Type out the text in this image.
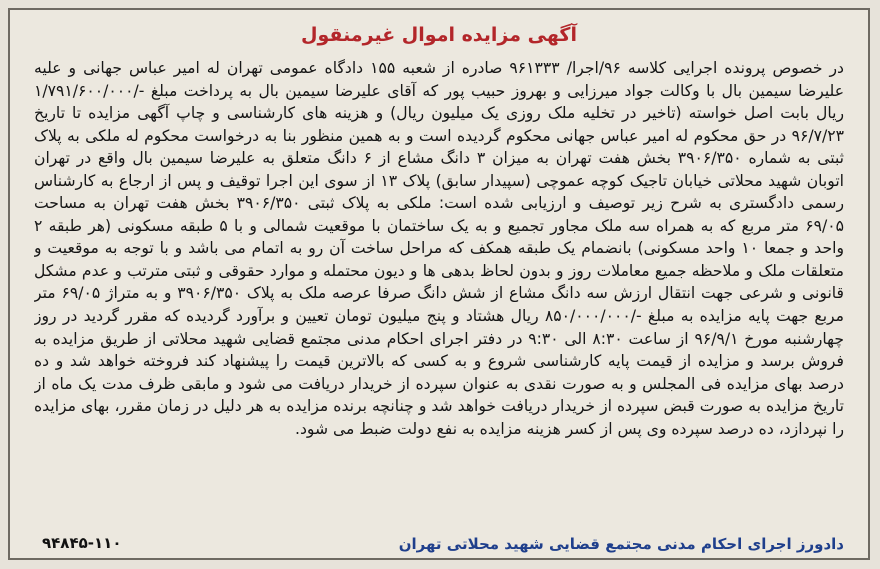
آگهی مزایده اموال غیرمنقول
در خصوص پرونده اجرایی کلاسه ۹۶/اجرا/ ۹۶۱۳۳۳ صادره از شعبه ۱۵۵ دادگاه عمومی تهران له امیر عباس جهانی و علیه علیرضا سیمین بال با وکالت جواد میرزایی و بهروز حبیب پور که آقای علیرضا سیمین بال به پرداخت مبلغ -/۱/۷۹۱/۶۰۰/۰۰۰ ریال بابت اصل خواسته (تاخیر در تخلیه ملک روزی یک میلیون ریال) و هزینه های کارشناسی و چاپ آگهی مزایده تا تاریخ ۹۶/۷/۲۳ در حق محکوم له امیر عباس جهانی محکوم گردیده است و به همین منظور بنا به درخواست محکوم له ملکی به پلاک ثبتی به شماره ۳۹۰۶/۳۵۰ بخش هفت تهران به میزان ۳ دانگ مشاع از ۶ دانگ متعلق به علیرضا سیمین بال واقع در تهران اتوبان شهید محلاتی خیابان تاجیک کوچه عموچی (سپیدار سابق) پلاک ۱۳ از سوی این اجرا توقیف و پس از ارجاع به کارشناس رسمی دادگستری به شرح زیر توصیف و ارزیابی شده است: ملکی به پلاک ثبتی ۳۹۰۶/۳۵۰ بخش هفت تهران به مساحت ۶۹/۰۵ متر مربع که به همراه سه ملک مجاور تجمیع و به یک ساختمان با موقعیت شمالی و با ۵ طبقه مسکونی (هر طبقه ۲ واحد و جمعا ۱۰ واحد مسکونی) بانضمام یک طبقه همکف که مراحل ساخت آن رو به اتمام می باشد و با توجه به موقعیت و متعلقات ملک و ملاحظه جمیع معاملات روز و بدون لحاظ بدهی ها و دیون محتمله و موارد حقوقی و ثبتی مترتب و عدم مشکل قانونی و شرعی جهت انتقال ارزش سه دانگ مشاع از شش دانگ صرفا عرصه ملک به پلاک ۳۹۰۶/۳۵۰ و به متراژ ۶۹/۰۵ متر مربع جهت پایه مزایده به مبلغ -/۸۵۰/۰۰۰/۰۰۰ ریال هشتاد و پنج میلیون تومان تعیین و برآورد گردیده که مقرر گردید در روز چهارشنبه مورخ ۹۶/۹/۱ از ساعت ۸:۳۰ الی ۹:۳۰ در دفتر اجرای احکام مدنی مجتمع قضایی شهید محلاتی از طریق مزایده به فروش برسد و مزایده از قیمت پایه کارشناسی شروع و به کسی که بالاترین قیمت را پیشنهاد کند فروخته خواهد شد و ده درصد بهای مزایده فی المجلس و به صورت نقدی به عنوان سپرده از خریدار دریافت می شود و مابقی ظرف مدت یک ماه از تاریخ مزایده به صورت قبض سپرده از خریدار دریافت خواهد شد و چنانچه برنده مزایده به هر دلیل در زمان مقرر، بهای مزایده را نپردازد، ده درصد سپرده وی پس از کسر هزینه مزایده به نفع دولت ضبط می شود.
دادورز اجرای احکام مدنی مجتمع قضایی شهید محلاتی تهران
۹۴۸۴۵-۱۱۰
